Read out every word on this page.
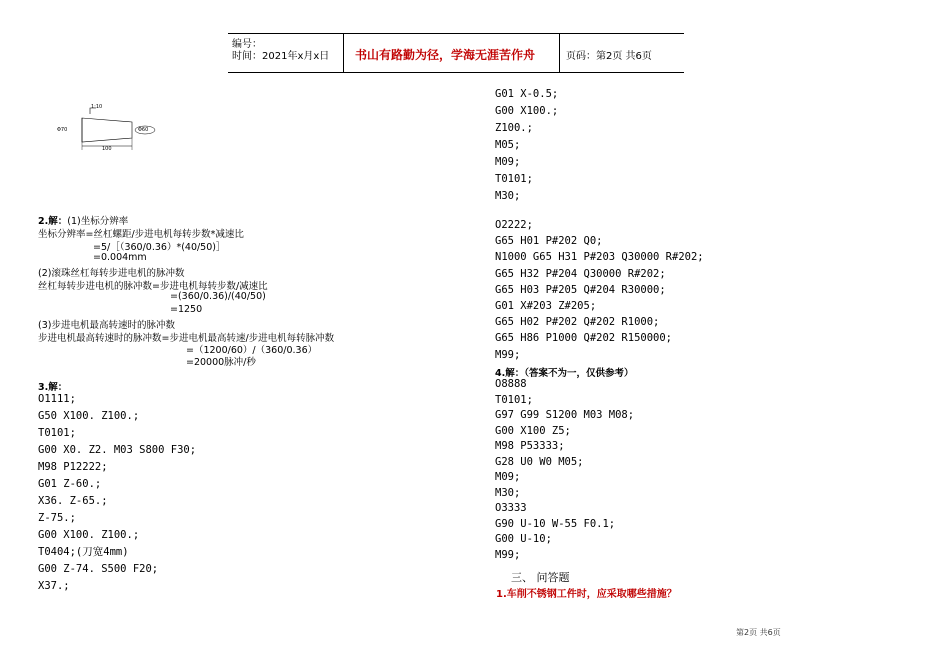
编号：
时间：2021年x月x日 书山有路勤为径，学海无涯苦作舟	页码：第2页 共6页
1:10
Φ70	Φ60
100
2.解：(1)坐标分辨率
坐标分辨率=丝杠螺距/步进电机每转步数*减速比
=5/［（360/0.36）*(40/50)］
=0.004mm
(2)滚珠丝杠每转步进电机的脉冲数
丝杠每转步进电机的脉冲数=步进电机每转步数/减速比
=(360/0.36)/(40/50)
=1250
(3)步进电机最高转速时的脉冲数
步进电机最高转速时的脉冲数=步进电机最高转速/步进电机每转脉冲数
=（1200/60）/（360/0.36）
=20000脉冲/秒
3.解：
O1111;
G50 X100. Z100.;
T0101;
G00 X0. Z2. M03 S800 F30;
M98 P12222;
G01 Z-60.;
X36. Z-65.;
Z-75.;
G00 X100. Z100.;
T0404;(刀宽4mm)
G00 Z-74. S500 F20;
X37.;
G01 X-0.5;
G00 X100.;
Z100.;
M05;
M09;
T0101;
M30;
O2222;
G65 H01 P#202 Q0;
N1000 G65 H31 P#203 Q30000 R#202;
G65 H32 P#204 Q30000 R#202;
G65 H03 P#205 Q#204 R30000;
G01 X#203 Z#205;
G65 H02 P#202 Q#202 R1000;
G65 H86 P1000 Q#202 R150000;
M99;
4.解：（答案不为一，仅供参考）
O8888
T0101;
G97 G99 S1200 M03 M08;
G00 X100 Z5;
M98 P53333;
G28 U0 W0 M05;
M09;
M30;
O3333
G90 U-10 W-55 F0.1;
G00 U-10;
M99;
三、 问答题
1.车削不锈钢工件时，应采取哪些措施？
第2页 共6页
